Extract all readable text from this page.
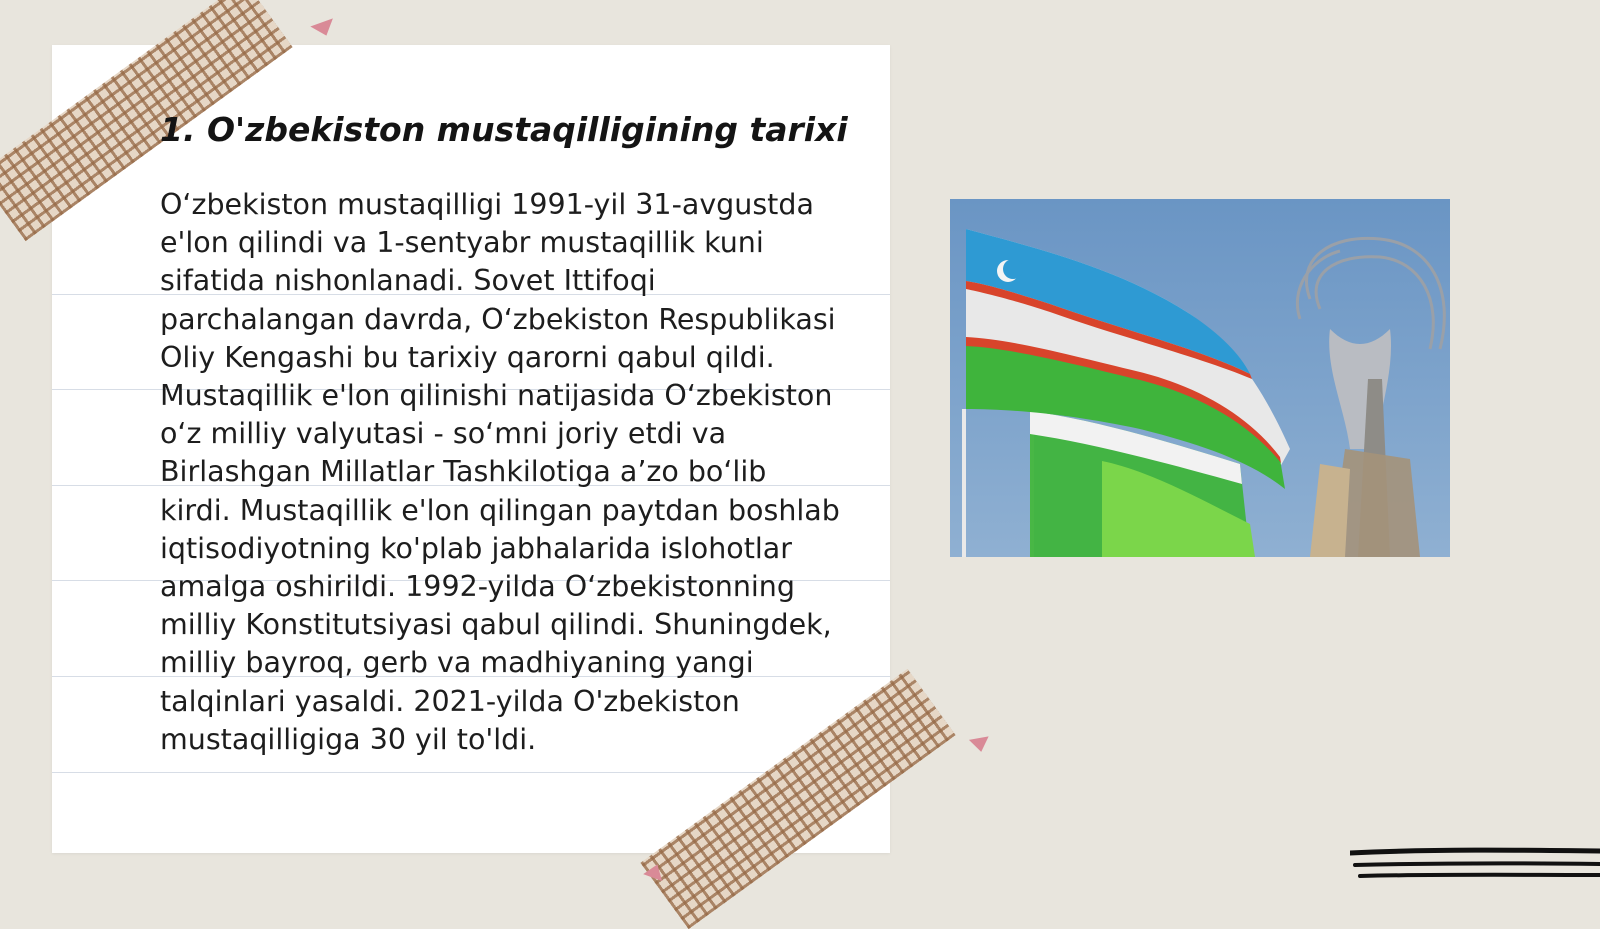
1. O'zbekiston mustaqilligining tarixi

O‘zbekiston mustaqilligi 1991-yil 31-avgustda e'lon qilindi va 1-sentyabr mustaqillik kuni sifatida nishonlanadi. Sovet Ittifoqi parchalangan davrda, O‘zbekiston Respublikasi Oliy Kengashi bu tarixiy qarorni qabul qildi. Mustaqillik e'lon qilinishi natijasida O‘zbekiston o‘z milliy valyutasi - so‘mni joriy etdi va Birlashgan Millatlar Tashkilotiga a’zo bo‘lib kirdi. Mustaqillik e'lon qilingan paytdan boshlab iqtisodiyotning ko'plab jabhalarida islohotlar amalga oshirildi. 1992-yilda O‘zbekistonning milliy Konstitutsiyasi qabul qilindi. Shuningdek, milliy bayroq, gerb va madhiyaning yangi talqinlari yasaldi. 2021-yilda O'zbekiston mustaqilligiga 30 yil to'ldi.
